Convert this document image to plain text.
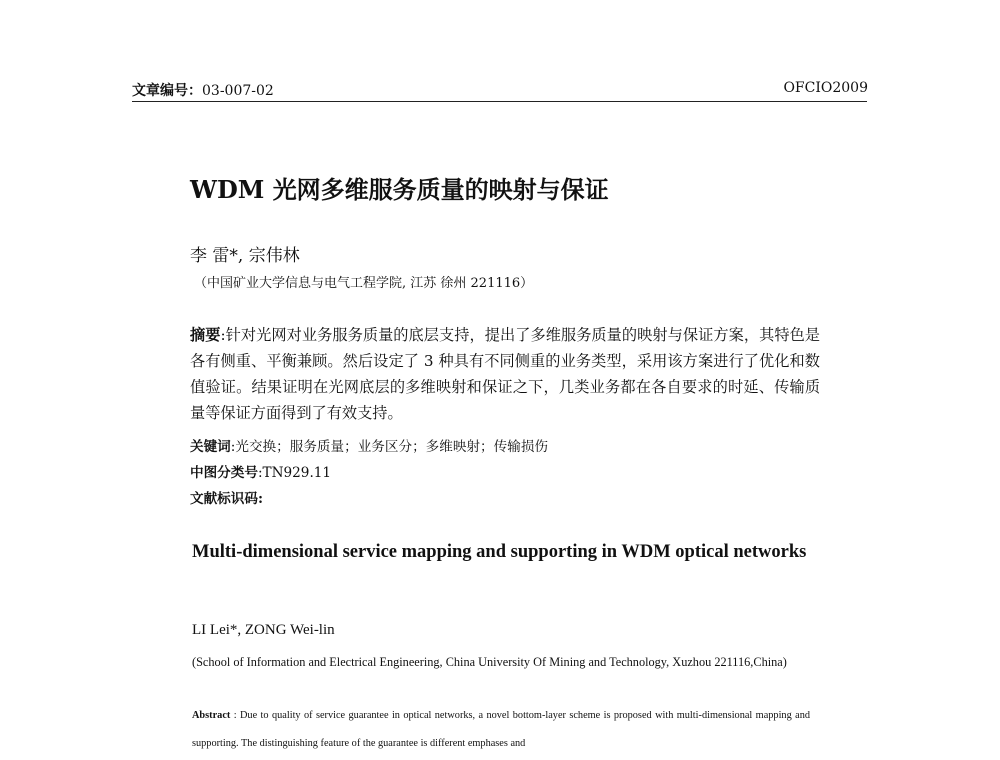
文章编号：03-007-02	OFCIO2009
WDM 光网多维服务质量的映射与保证
李 雷*, 宗伟林
（中国矿业大学信息与电气工程学院, 江苏 徐州 221116）
摘要:针对光网对业务服务质量的底层支持，提出了多维服务质量的映射与保证方案，其特色是各有侧重、平衡兼顾。然后设定了 3 种具有不同侧重的业务类型，采用该方案进行了优化和数值验证。结果证明在光网底层的多维映射和保证之下，几类业务都在各自要求的时延、传输质量等保证方面得到了有效支持。
关键词:光交换；服务质量；业务区分；多维映射；传输损伤
中图分类号:TN929.11
文献标识码:
Multi-dimensional service mapping and supporting in WDM optical networks
LI Lei*, ZONG Wei-lin
(School of Information and Electrical Engineering, China University Of Mining and Technology, Xuzhou 221116,China)
Abstract : Due to quality of service guarantee in optical networks, a novel bottom-layer scheme is proposed with multi-dimensional mapping and supporting. The distinguishing feature of the guarantee is different emphases and
